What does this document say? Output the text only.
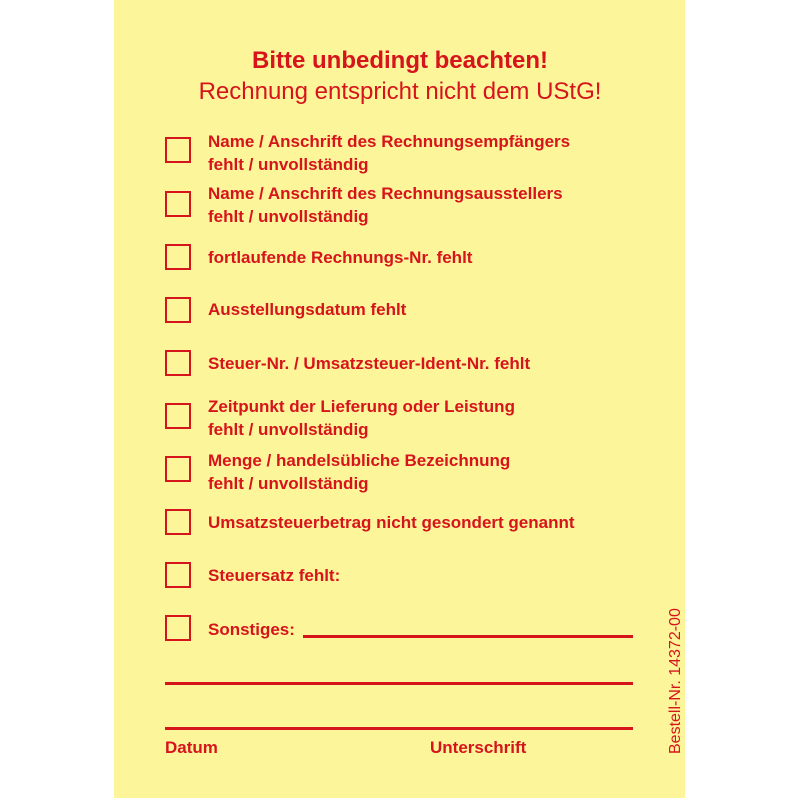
Bitte unbedingt beachten!
Rechnung entspricht nicht dem UStG!
Name / Anschrift des Rechnungsempfängers
fehlt / unvollständig
Name / Anschrift des Rechnungsausstellers
fehlt / unvollständig
fortlaufende Rechnungs-Nr. fehlt
Ausstellungsdatum fehlt
Steuer-Nr. / Umsatzsteuer-Ident-Nr. fehlt
Zeitpunkt der Lieferung oder Leistung
fehlt / unvollständig
Menge / handelsübliche Bezeichnung
fehlt / unvollständig
Umsatzsteuerbetrag nicht gesondert genannt
Steuersatz fehlt:
Sonstiges:
Datum	Unterschrift	Bestell-Nr. 14372-00
